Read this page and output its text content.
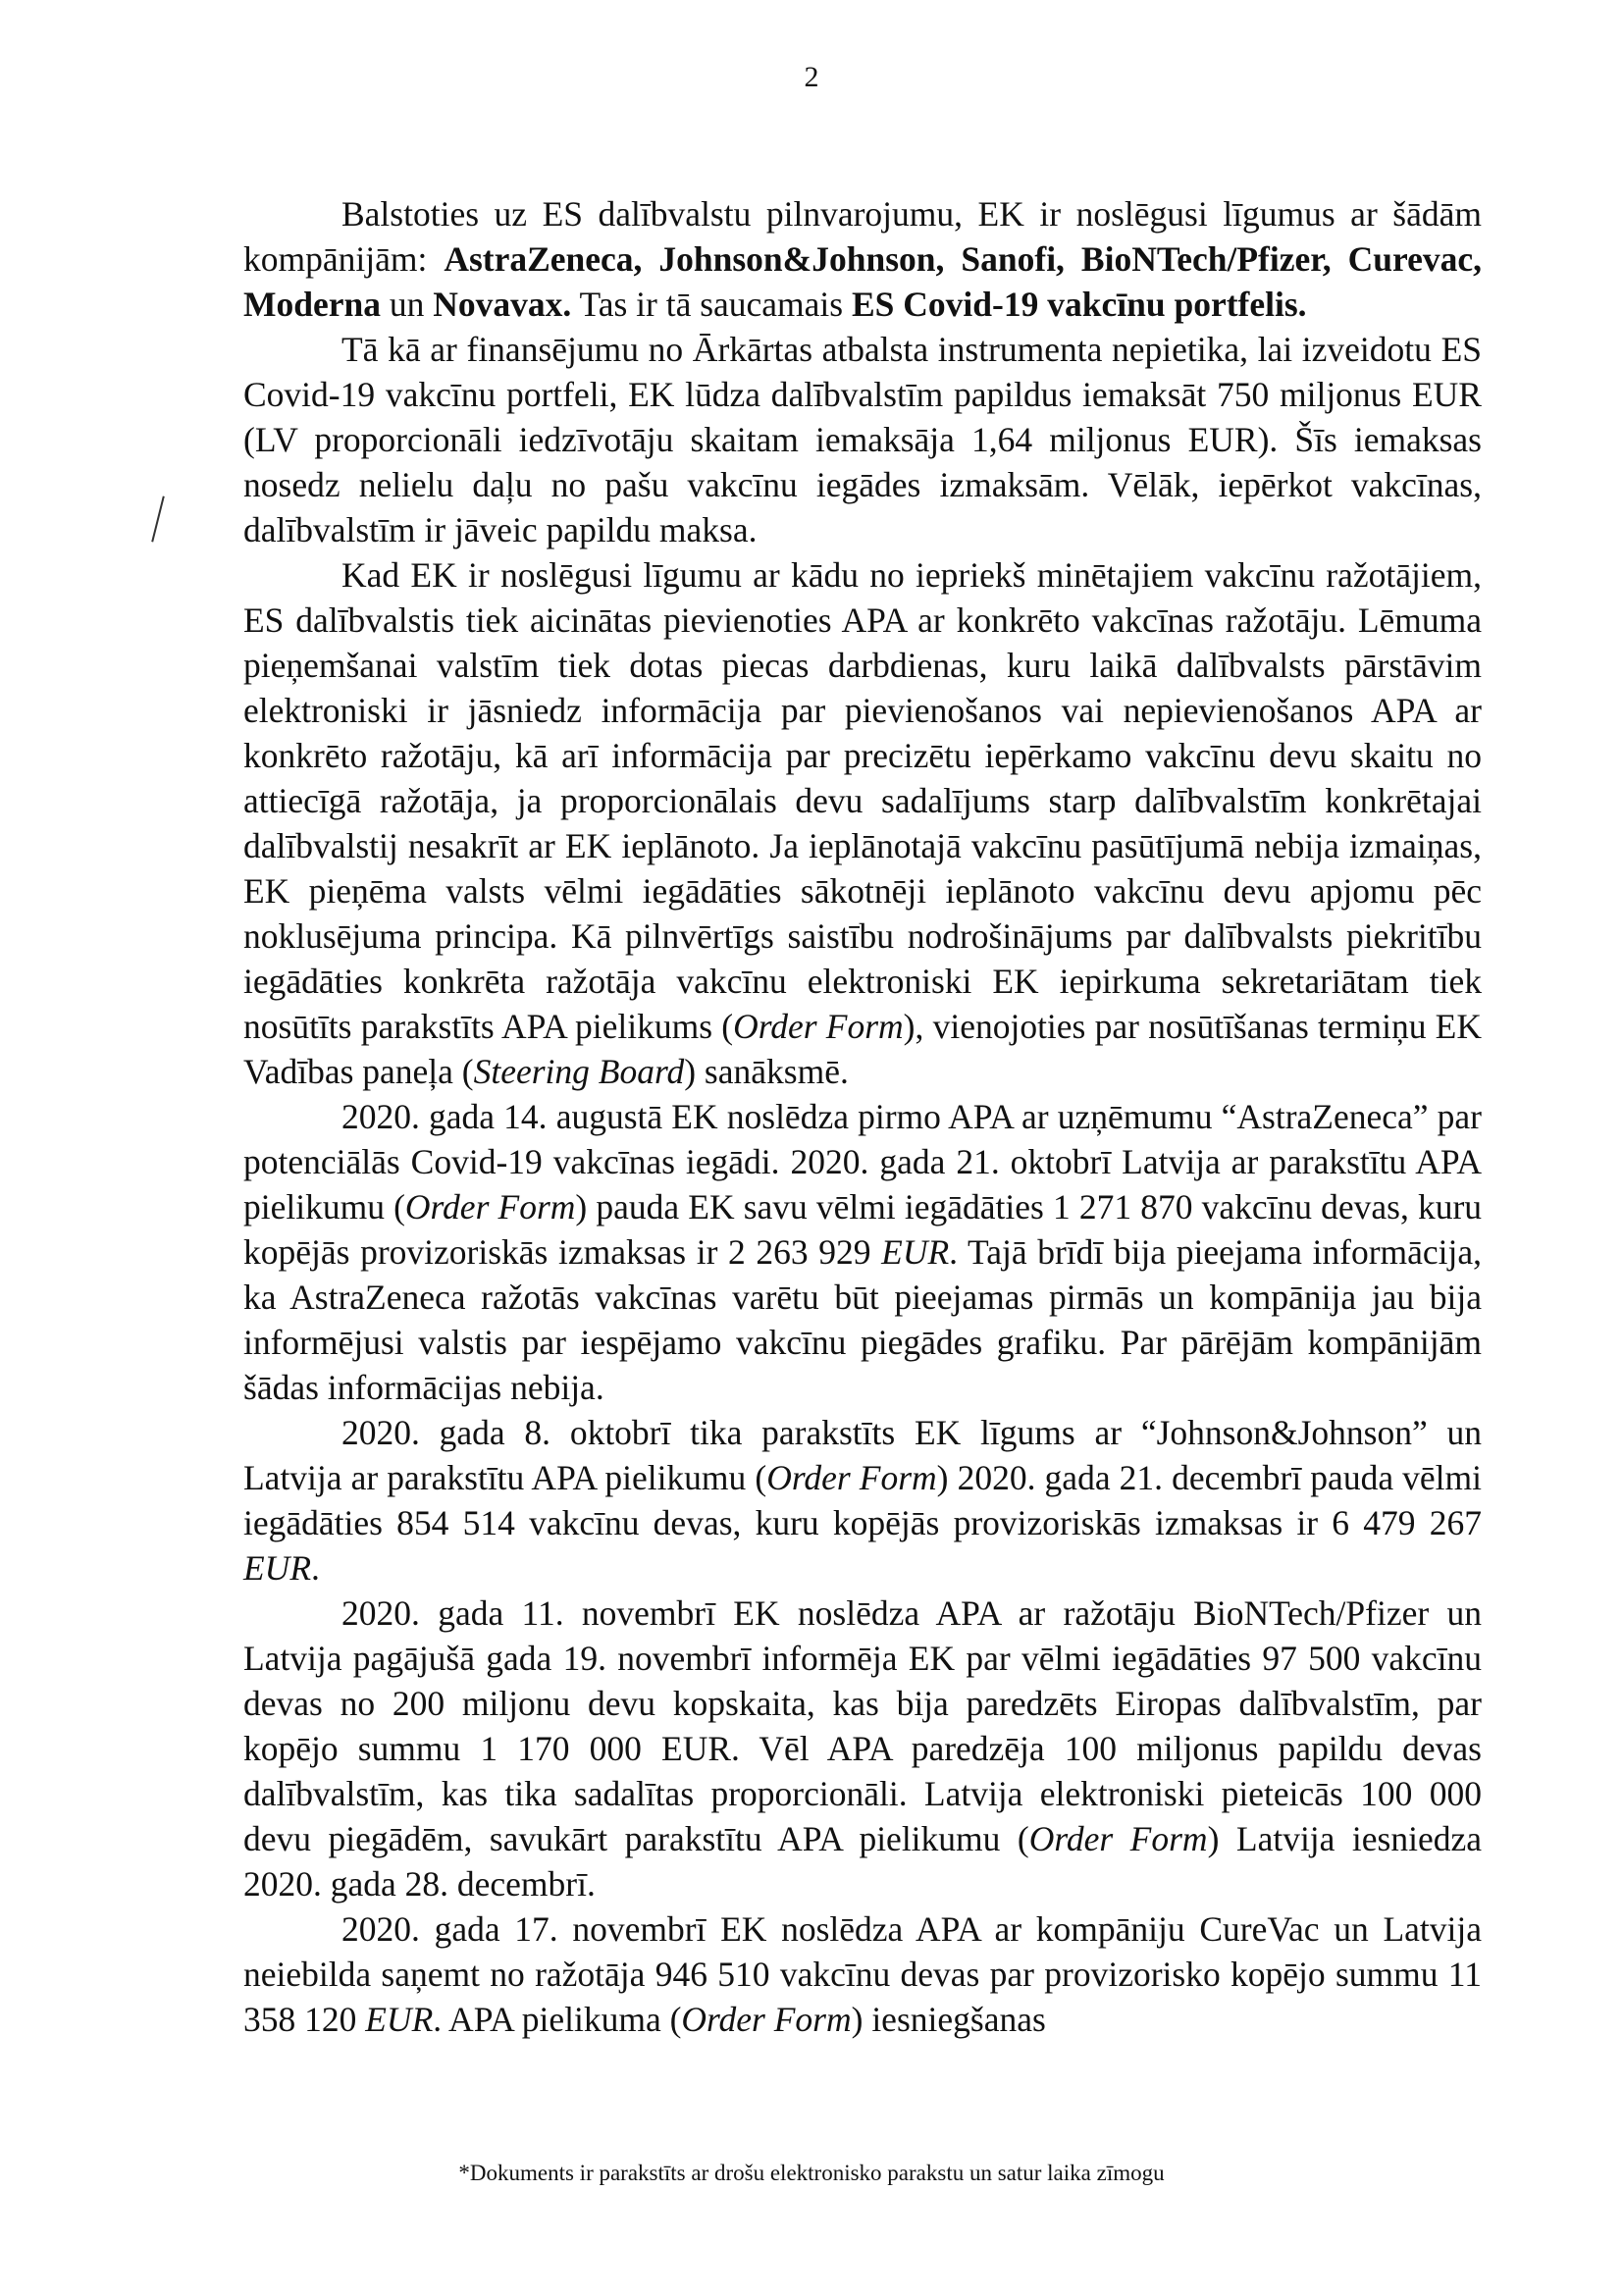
2

Balstoties uz ES dalībvalstu pilnvarojumu, EK ir noslēgusi līgumus ar šādām kompānijām: AstraZeneca, Johnson&Johnson, Sanofi, BioNTech/Pfizer, Curevac, Moderna un Novavax. Tas ir tā saucamais ES Covid-19 vakcīnu portfelis.

Tā kā ar finansējumu no Ārkārtas atbalsta instrumenta nepietika, lai izveidotu ES Covid-19 vakcīnu portfeli, EK lūdza dalībvalstīm papildus iemaksāt 750 miljonus EUR (LV proporcionāli iedzīvotāju skaitam iemaksāja 1,64 miljonus EUR). Šīs iemaksas nosedz nelielu daļu no pašu vakcīnu iegādes izmaksām. Vēlāk, iepērkot vakcīnas, dalībvalstīm ir jāveic papildu maksa.

Kad EK ir noslēgusi līgumu ar kādu no iepriekš minētajiem vakcīnu ražotājiem, ES dalībvalstis tiek aicinātas pievienoties APA ar konkrēto vakcīnas ražotāju. Lēmuma pieņemšanai valstīm tiek dotas piecas darbdienas, kuru laikā dalībvalsts pārstāvim elektroniski ir jāsniedz informācija par pievienošanos vai nepievienošanos APA ar konkrēto ražotāju, kā arī informācija par precizētu iepērkamo vakcīnu devu skaitu no attiecīgā ražotāja, ja proporcionālais devu sadalījums starp dalībvalstīm konkrētajai dalībvalstij nesakrīt ar EK ieplānoto. Ja ieplānotajā vakcīnu pasūtījumā nebija izmaiņas, EK pieņēma valsts vēlmi iegādāties sākotnēji ieplānoto vakcīnu devu apjomu pēc noklusējuma principa. Kā pilnvērtīgs saistību nodrošinājums par dalībvalsts piekritību iegādāties konkrēta ražotāja vakcīnu elektroniski EK iepirkuma sekretariātam tiek nosūtīts parakstīts APA pielikums (Order Form), vienojoties par nosūtīšanas termiņu EK Vadības paneļa (Steering Board) sanāksmē.

2020. gada 14. augustā EK noslēdza pirmo APA ar uzņēmumu “AstraZeneca” par potenciālās Covid-19 vakcīnas iegādi. 2020. gada 21. oktobrī Latvija ar parakstītu APA pielikumu (Order Form) pauda EK savu vēlmi iegādāties 1 271 870 vakcīnu devas, kuru kopējās provizoriskās izmaksas ir 2 263 929 EUR. Tajā brīdī bija pieejama informācija, ka AstraZeneca ražotās vakcīnas varētu būt pieejamas pirmās un kompānija jau bija informējusi valstis par iespējamo vakcīnu piegādes grafiku. Par pārējām kompānijām šādas informācijas nebija.

2020. gada 8. oktobrī tika parakstīts EK līgums ar “Johnson&Johnson” un Latvija ar parakstītu APA pielikumu (Order Form) 2020. gada 21. decembrī pauda vēlmi iegādāties 854 514 vakcīnu devas, kuru kopējās provizoriskās izmaksas ir 6 479 267 EUR.

2020. gada 11. novembrī EK noslēdza APA ar ražotāju BioNTech/Pfizer un Latvija pagājušā gada 19. novembrī informēja EK par vēlmi iegādāties 97 500 vakcīnu devas no 200 miljonu devu kopskaita, kas bija paredzēts Eiropas dalībvalstīm, par kopējo summu 1 170 000 EUR. Vēl APA paredzēja 100 miljonus papildu devas dalībvalstīm, kas tika sadalītas proporcionāli. Latvija elektroniski pieteicās 100 000 devu piegādēm, savukārt parakstītu APA pielikumu (Order Form) Latvija iesniedza 2020. gada 28. decembrī.

2020. gada 17. novembrī EK noslēdza APA ar kompāniju CureVac un Latvija neiebilda saņemt no ražotāja 946 510 vakcīnu devas par provizorisko kopējo summu 11 358 120 EUR. APA pielikuma (Order Form) iesniegšanas

*Dokuments ir parakstīts ar drošu elektronisko parakstu un satur laika zīmogu
